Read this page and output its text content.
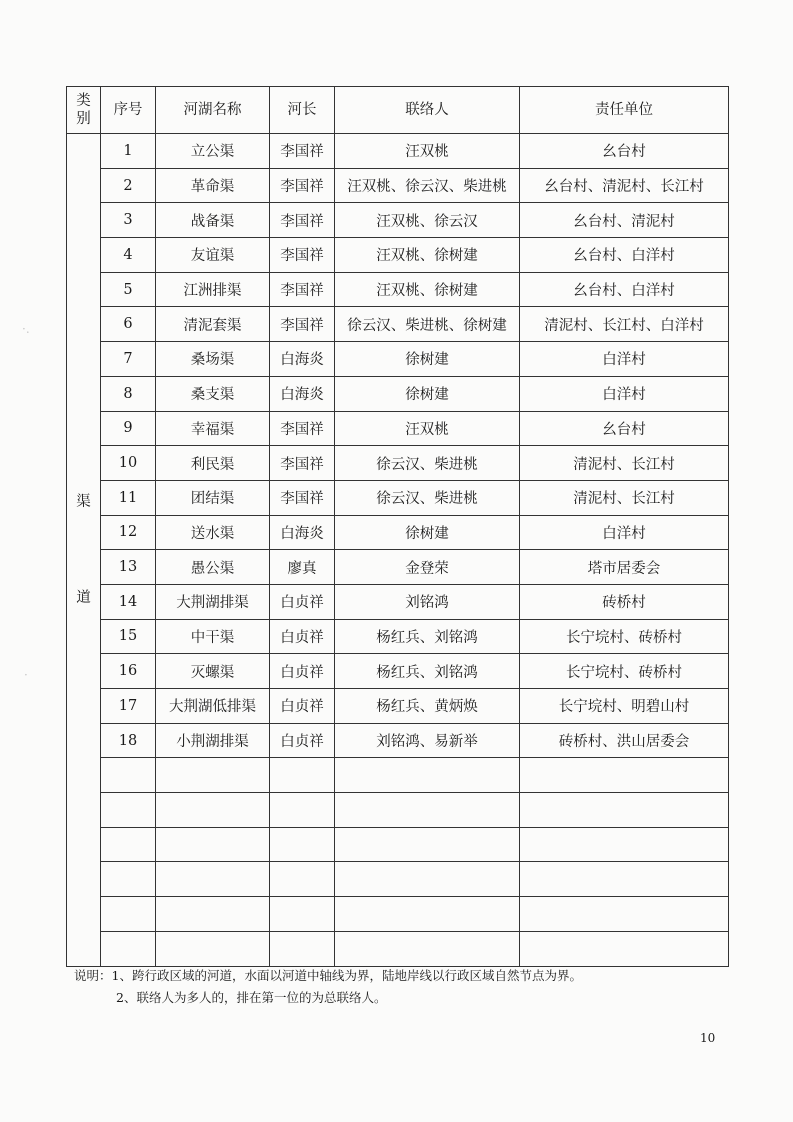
·.
·
类别	序号	河湖名称	河长	联络人	责任单位

渠
道	1	立公渠	李国祥	汪双桃	幺台村
	2	革命渠	李国祥	汪双桃、徐云汉、柴进桃	幺台村、清泥村、长江村
	3	战备渠	李国祥	汪双桃、徐云汉	幺台村、清泥村
	4	友谊渠	李国祥	汪双桃、徐树建	幺台村、白洋村
	5	江洲排渠	李国祥	汪双桃、徐树建	幺台村、白洋村
	6	清泥套渠	李国祥	徐云汉、柴进桃、徐树建	清泥村、长江村、白洋村
	7	桑场渠	白海炎	徐树建	白洋村
	8	桑支渠	白海炎	徐树建	白洋村
	9	幸福渠	李国祥	汪双桃	幺台村
	10	利民渠	李国祥	徐云汉、柴进桃	清泥村、长江村
	11	团结渠	李国祥	徐云汉、柴进桃	清泥村、长江村
	12	送水渠	白海炎	徐树建	白洋村
	13	愚公渠	廖真	金登荣	塔市居委会
	14	大荆湖排渠	白贞祥	刘铭鸿	砖桥村
	15	中干渠	白贞祥	杨红兵、刘铭鸿	长宁垸村、砖桥村
	16	灭螺渠	白贞祥	杨红兵、刘铭鸿	长宁垸村、砖桥村
	17	大荆湖低排渠	白贞祥	杨红兵、黄炳焕	长宁垸村、明碧山村
	18	小荆湖排渠	白贞祥	刘铭鸿、易新举	砖桥村、洪山居委会

说明：1、跨行政区域的河道，水面以河道中轴线为界，陆地岸线以行政区域自然节点为界。
2、联络人为多人的，排在第一位的为总联络人。
10
